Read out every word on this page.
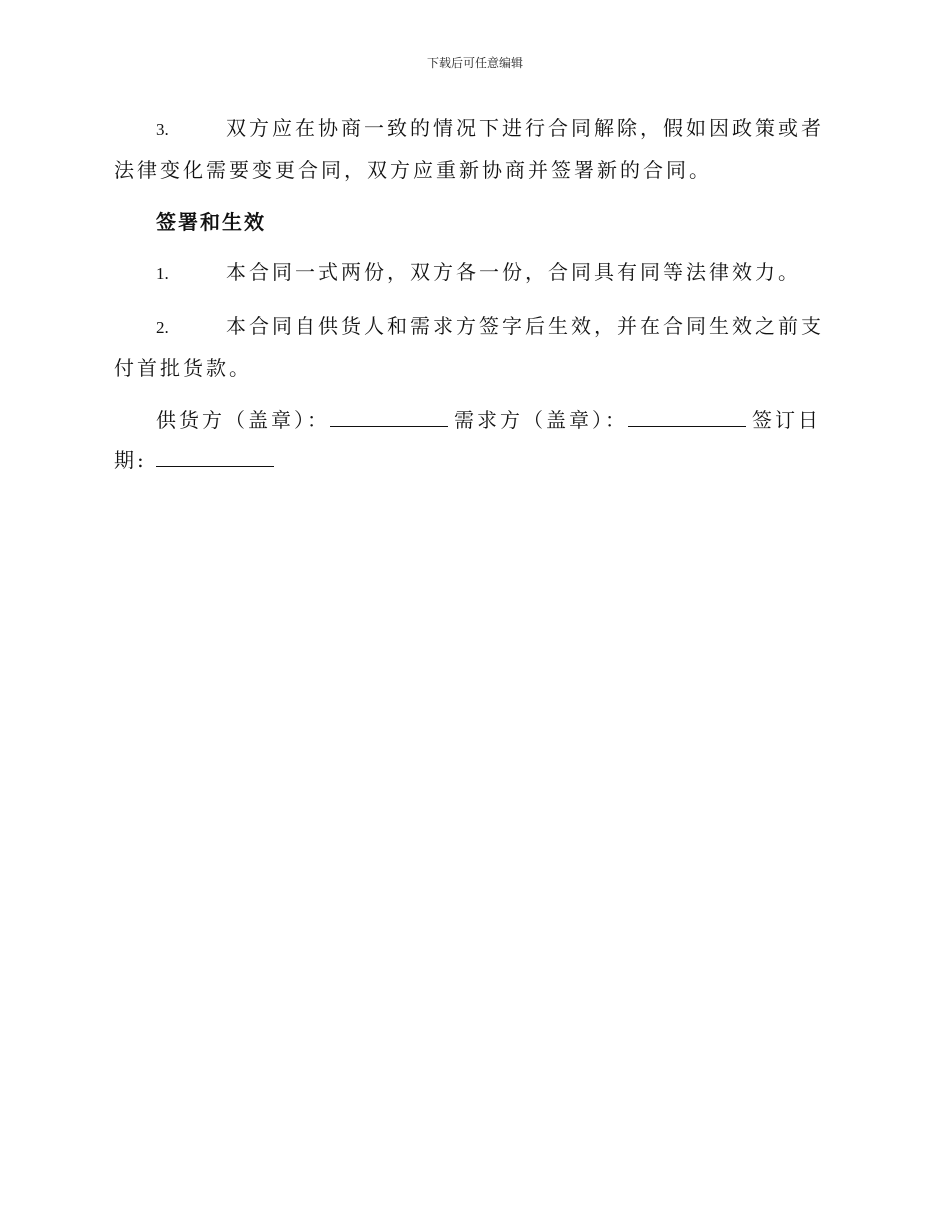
下载后可任意编辑

3.	双方应在协商一致的情况下进行合同解除，假如因政策或者法律变化需要变更合同，双方应重新协商并签署新的合同。

签署和生效

1.	本合同一式两份，双方各一份，合同具有同等法律效力。

2.	本合同自供货人和需求方签字后生效，并在合同生效之前支付首批货款。

供货方（盖章）：	需求方（盖章）：	签订日期:
